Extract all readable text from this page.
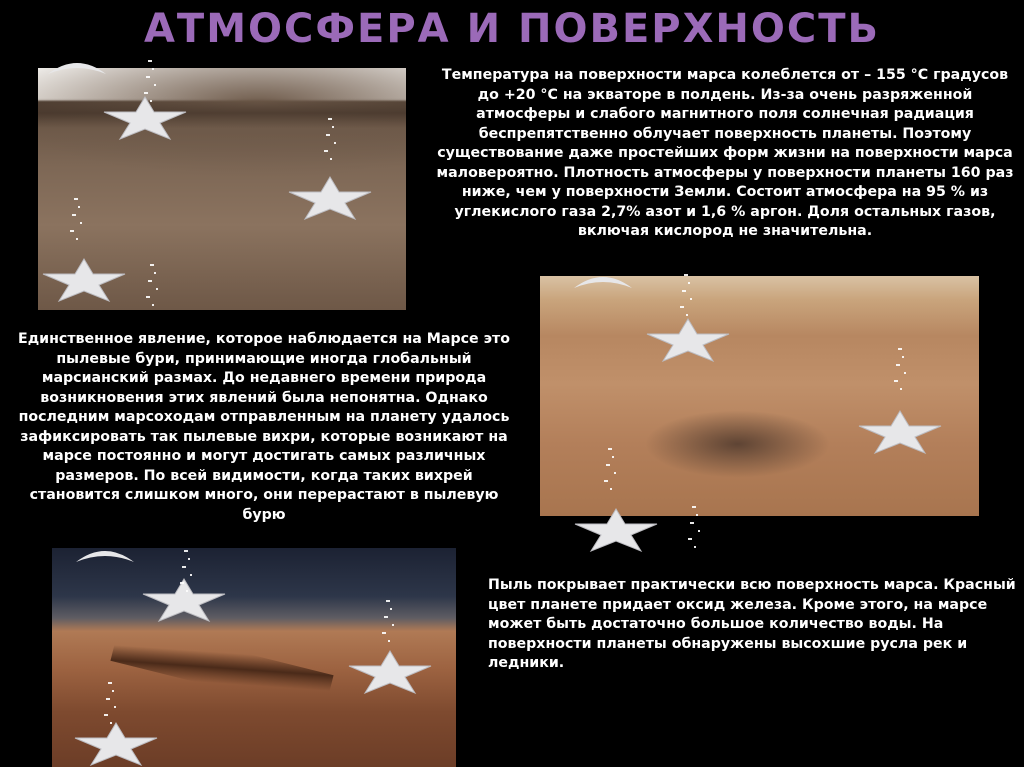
АТМОСФЕРА И ПОВЕРХНОСТЬ
Температура на поверхности марса колеблется от – 155 °С градусов до +20 °С на экваторе в полдень. Из-за очень разряженной атмосферы и слабого магнитного поля солнечная радиация беспрепятственно облучает поверхность планеты. Поэтому существование даже простейших форм жизни на поверхности марса маловероятно. Плотность атмосферы у поверхности планеты 160 раз ниже, чем у поверхности Земли. Состоит атмосфера на 95 % из углекислого газа 2,7% азот и 1,6 % аргон. Доля остальных газов, включая кислород не значительна.
Единственное явление, которое наблюдается на Марсе это пылевые бури, принимающие иногда глобальный марсианский размах. До недавнего времени природа возникновения этих явлений была непонятна. Однако последним марсоходам отправленным на планету удалось зафиксировать так пылевые вихри, которые возникают на марсе постоянно и могут достигать самых различных размеров. По всей видимости, когда таких вихрей становится слишком много, они перерастают в пылевую бурю
Пыль покрывает практически всю поверхность марса. Красный цвет планете придает оксид железа. Кроме этого, на марсе может быть достаточно большое количество воды. На поверхности планеты обнаружены высохшие русла рек и ледники.
